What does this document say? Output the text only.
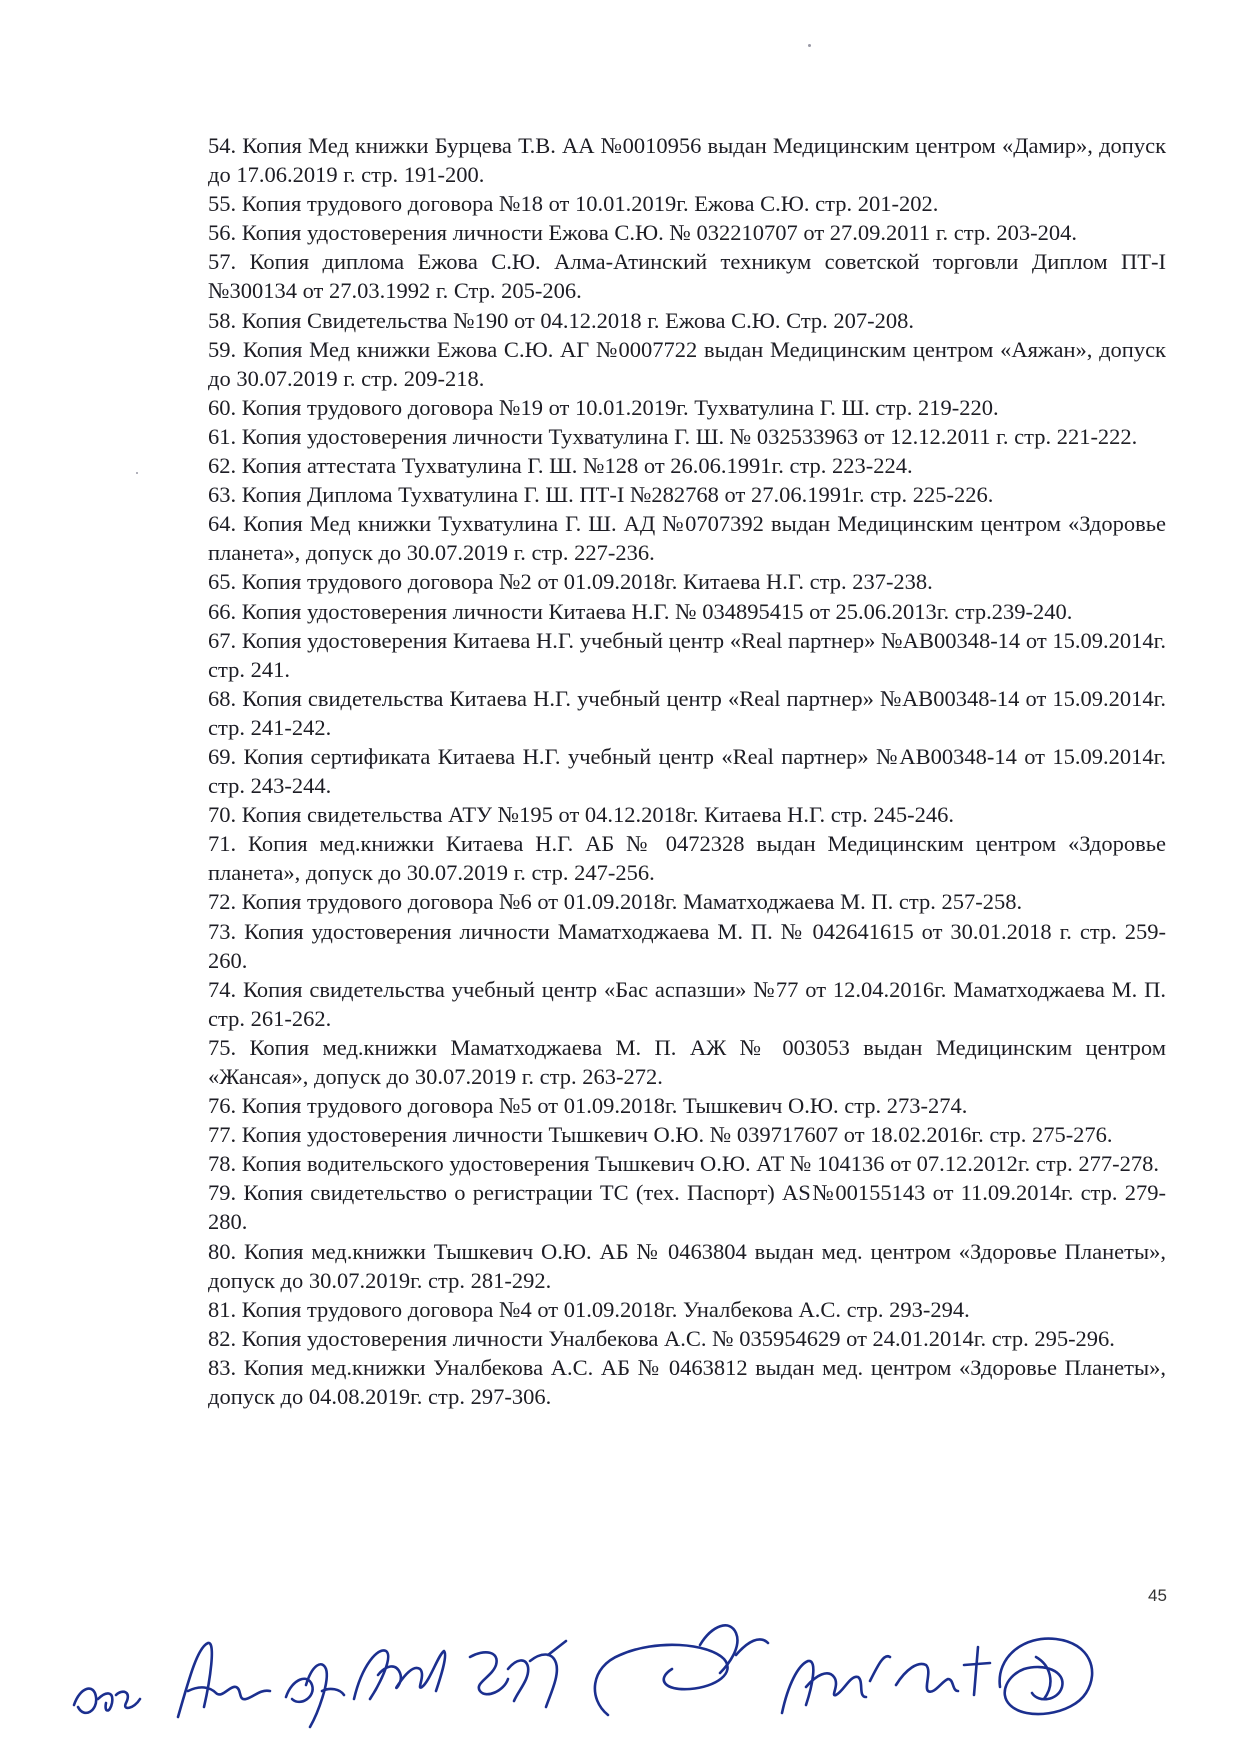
54. Копия Мед книжки Бурцева Т.В. АА №0010956 выдан Медицинским центром «Дамир», допуск до 17.06.2019 г. стр. 191-200.
55. Копия трудового договора №18 от 10.01.2019г. Ежова С.Ю. стр. 201-202.
56. Копия удостоверения личности Ежова С.Ю. № 032210707 от 27.09.2011 г. стр. 203-204.
57. Копия диплома Ежова С.Ю. Алма-Атинский техникум советской торговли Диплом ПТ-I №300134 от 27.03.1992 г. Стр. 205-206.
58. Копия Свидетельства №190 от 04.12.2018 г. Ежова С.Ю. Стр. 207-208.
59. Копия Мед книжки Ежова С.Ю. АГ №0007722 выдан Медицинским центром «Аяжан», допуск до 30.07.2019 г. стр. 209-218.
60. Копия трудового договора №19 от 10.01.2019г. Тухватулина Г. Ш. стр. 219-220.
61. Копия удостоверения личности Тухватулина Г. Ш. № 032533963 от 12.12.2011 г. стр. 221-222.
62. Копия аттестата Тухватулина Г. Ш. №128 от 26.06.1991г. стр. 223-224.
63. Копия Диплома Тухватулина Г. Ш. ПТ-I №282768 от 27.06.1991г. стр. 225-226.
64. Копия Мед книжки Тухватулина Г. Ш. АД №0707392 выдан Медицинским центром «Здоровье планета», допуск до 30.07.2019 г. стр. 227-236.
65. Копия трудового договора №2 от 01.09.2018г. Китаева Н.Г. стр. 237-238.
66. Копия удостоверения личности Китаева Н.Г. № 034895415 от 25.06.2013г. стр.239-240.
67. Копия удостоверения Китаева Н.Г. учебный центр «Real партнер» №AB00348-14 от 15.09.2014г. стр. 241.
68. Копия свидетельства Китаева Н.Г. учебный центр «Real партнер» №AB00348-14 от 15.09.2014г. стр. 241-242.
69. Копия сертификата Китаева Н.Г. учебный центр «Real партнер» №AB00348-14 от 15.09.2014г. стр. 243-244.
70. Копия свидетельства АТУ №195 от 04.12.2018г. Китаева Н.Г. стр. 245-246.
71. Копия мед.книжки Китаева Н.Г. АБ № 0472328 выдан Медицинским центром «Здоровье планета», допуск до 30.07.2019 г. стр. 247-256.
72. Копия трудового договора №6 от 01.09.2018г. Маматходжаева М. П. стр. 257-258.
73. Копия удостоверения личности Маматходжаева М. П. № 042641615 от 30.01.2018 г. стр. 259-260.
74. Копия свидетельства учебный центр «Бас аспазши» №77 от 12.04.2016г. Маматходжаева М. П. стр. 261-262.
75. Копия мед.книжки Маматходжаева М. П. АЖ № 003053 выдан Медицинским центром «Жансая», допуск до 30.07.2019 г. стр. 263-272.
76. Копия трудового договора №5 от 01.09.2018г. Тышкевич О.Ю. стр. 273-274.
77. Копия удостоверения личности Тышкевич О.Ю. № 039717607 от 18.02.2016г. стр. 275-276.
78. Копия водительского удостоверения Тышкевич О.Ю. АТ № 104136 от 07.12.2012г. стр. 277-278.
79. Копия свидетельство о регистрации ТС (тех. Паспорт) AS№00155143 от 11.09.2014г. стр. 279-280.
80. Копия мед.книжки Тышкевич О.Ю. АБ № 0463804 выдан мед. центром «Здоровье Планеты», допуск до 30.07.2019г. стр. 281-292.
81. Копия трудового договора №4 от 01.09.2018г. Уналбекова А.С. стр. 293-294.
82. Копия удостоверения личности Уналбекова А.С. № 035954629 от 24.01.2014г. стр. 295-296.
83. Копия мед.книжки Уналбекова А.С. АБ № 0463812 выдан мед. центром «Здоровье Планеты», допуск до 04.08.2019г. стр. 297-306.
45
